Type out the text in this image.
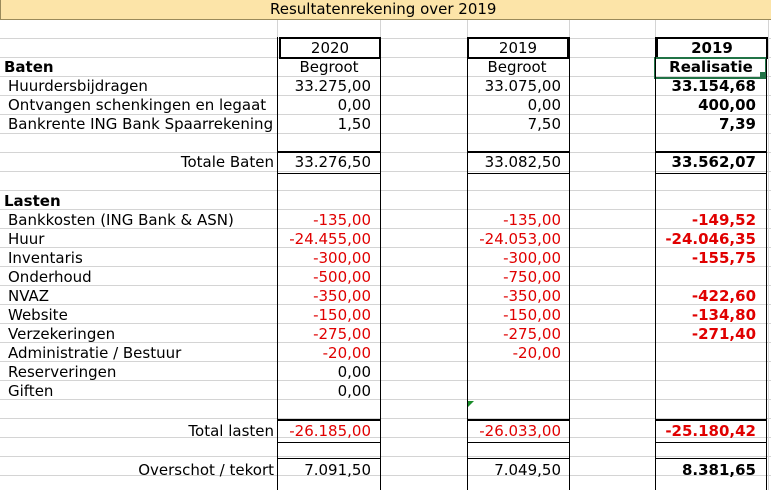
Resultatenrekening over 2019
2020	2019	2019
Begroot	Begroot	Realisatie
Baten
Huurdersbijdragen	33.275,00	33.075,00	33.154,68
Ontvangen schenkingen en legaat	0,00	0,00	400,00
Bankrente ING Bank Spaarrekening	1,50	7,50	7,39
Totale Baten	33.276,50	33.082,50	33.562,07
Lasten
Bankkosten (ING Bank & ASN)	-135,00	-135,00	-149,52
Huur	-24.455,00	-24.053,00	-24.046,35
Inventaris	-300,00	-300,00	-155,75
Onderhoud	-500,00	-750,00
NVAZ	-350,00	-350,00	-422,60
Website	-150,00	-150,00	-134,80
Verzekeringen	-275,00	-275,00	-271,40
Administratie / Bestuur	-20,00	-20,00
Reserveringen	0,00
Giften	0,00
Total lasten	-26.185,00	-26.033,00	-25.180,42
Overschot / tekort	7.091,50	7.049,50	8.381,65
